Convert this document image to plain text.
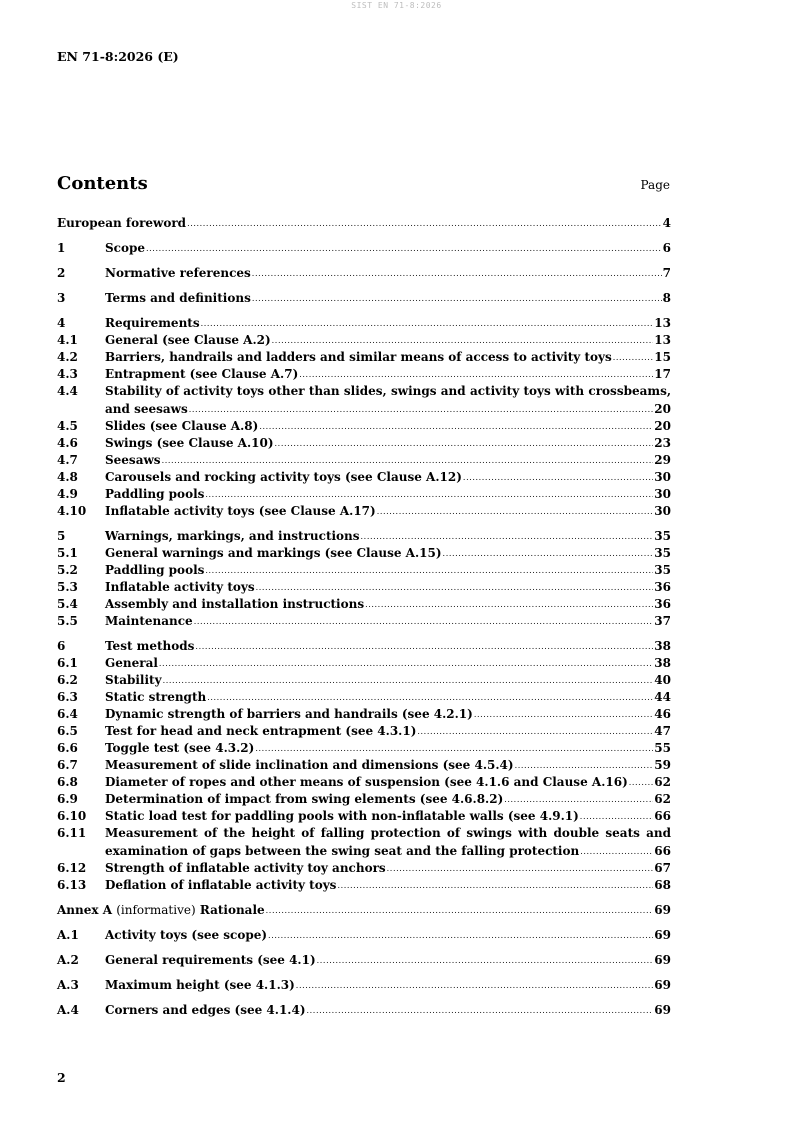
SIST EN 71-8:2026
EN 71-8:2026 (E)
Contents	Page
European foreword .....	4
1	Scope .....	6
2	Normative references .....	7
3	Terms and definitions .....	8
4	Requirements .....	13
4.1	General (see Clause A.2) .....	13
4.2	Barriers, handrails and ladders and similar means of access to activity toys .....	15
4.3	Entrapment (see Clause A.7) .....	17
4.4	Stability of activity toys other than slides, swings and activity toys with crossbeams,
and seesaws .....	20
4.5	Slides (see Clause A.8) .....	20
4.6	Swings (see Clause A.10) .....	23
4.7	Seesaws .....	29
4.8	Carousels and rocking activity toys (see Clause A.12) .....	30
4.9	Paddling pools .....	30
4.10	Inflatable activity toys (see Clause A.17) .....	30
5	Warnings, markings, and instructions .....	35
5.1	General warnings and markings (see Clause A.15) .....	35
5.2	Paddling pools .....	35
5.3	Inflatable activity toys .....	36
5.4	Assembly and installation instructions .....	36
5.5	Maintenance .....	37
6	Test methods .....	38
6.1	General .....	38
6.2	Stability .....	40
6.3	Static strength .....	44
6.4	Dynamic strength of barriers and handrails (see 4.2.1) .....	46
6.5	Test for head and neck entrapment (see 4.3.1) .....	47
6.6	Toggle test (see 4.3.2) .....	55
6.7	Measurement of slide inclination and dimensions (see 4.5.4) .....	59
6.8	Diameter of ropes and other means of suspension (see 4.1.6 and Clause A.16) ..... 62
6.9	Determination of impact from swing elements (see 4.6.8.2) .....	62
6.10	Static load test for paddling pools with non-inflatable walls (see 4.9.1) .....	66
6.11	Measurement of the height of falling protection of swings with double seats and
examination of gaps between the swing seat and the falling protection .....	66
6.12	Strength of inflatable activity toy anchors .....	67
6.13	Deflation of inflatable activity toys .....	68
Annex A (informative) Rationale .....	69
A.1	Activity toys (see scope) .....	69
A.2	General requirements (see 4.1) .....	69
A.3	Maximum height (see 4.1.3) .....	69
A.4	Corners and edges (see 4.1.4) .....	69
2
